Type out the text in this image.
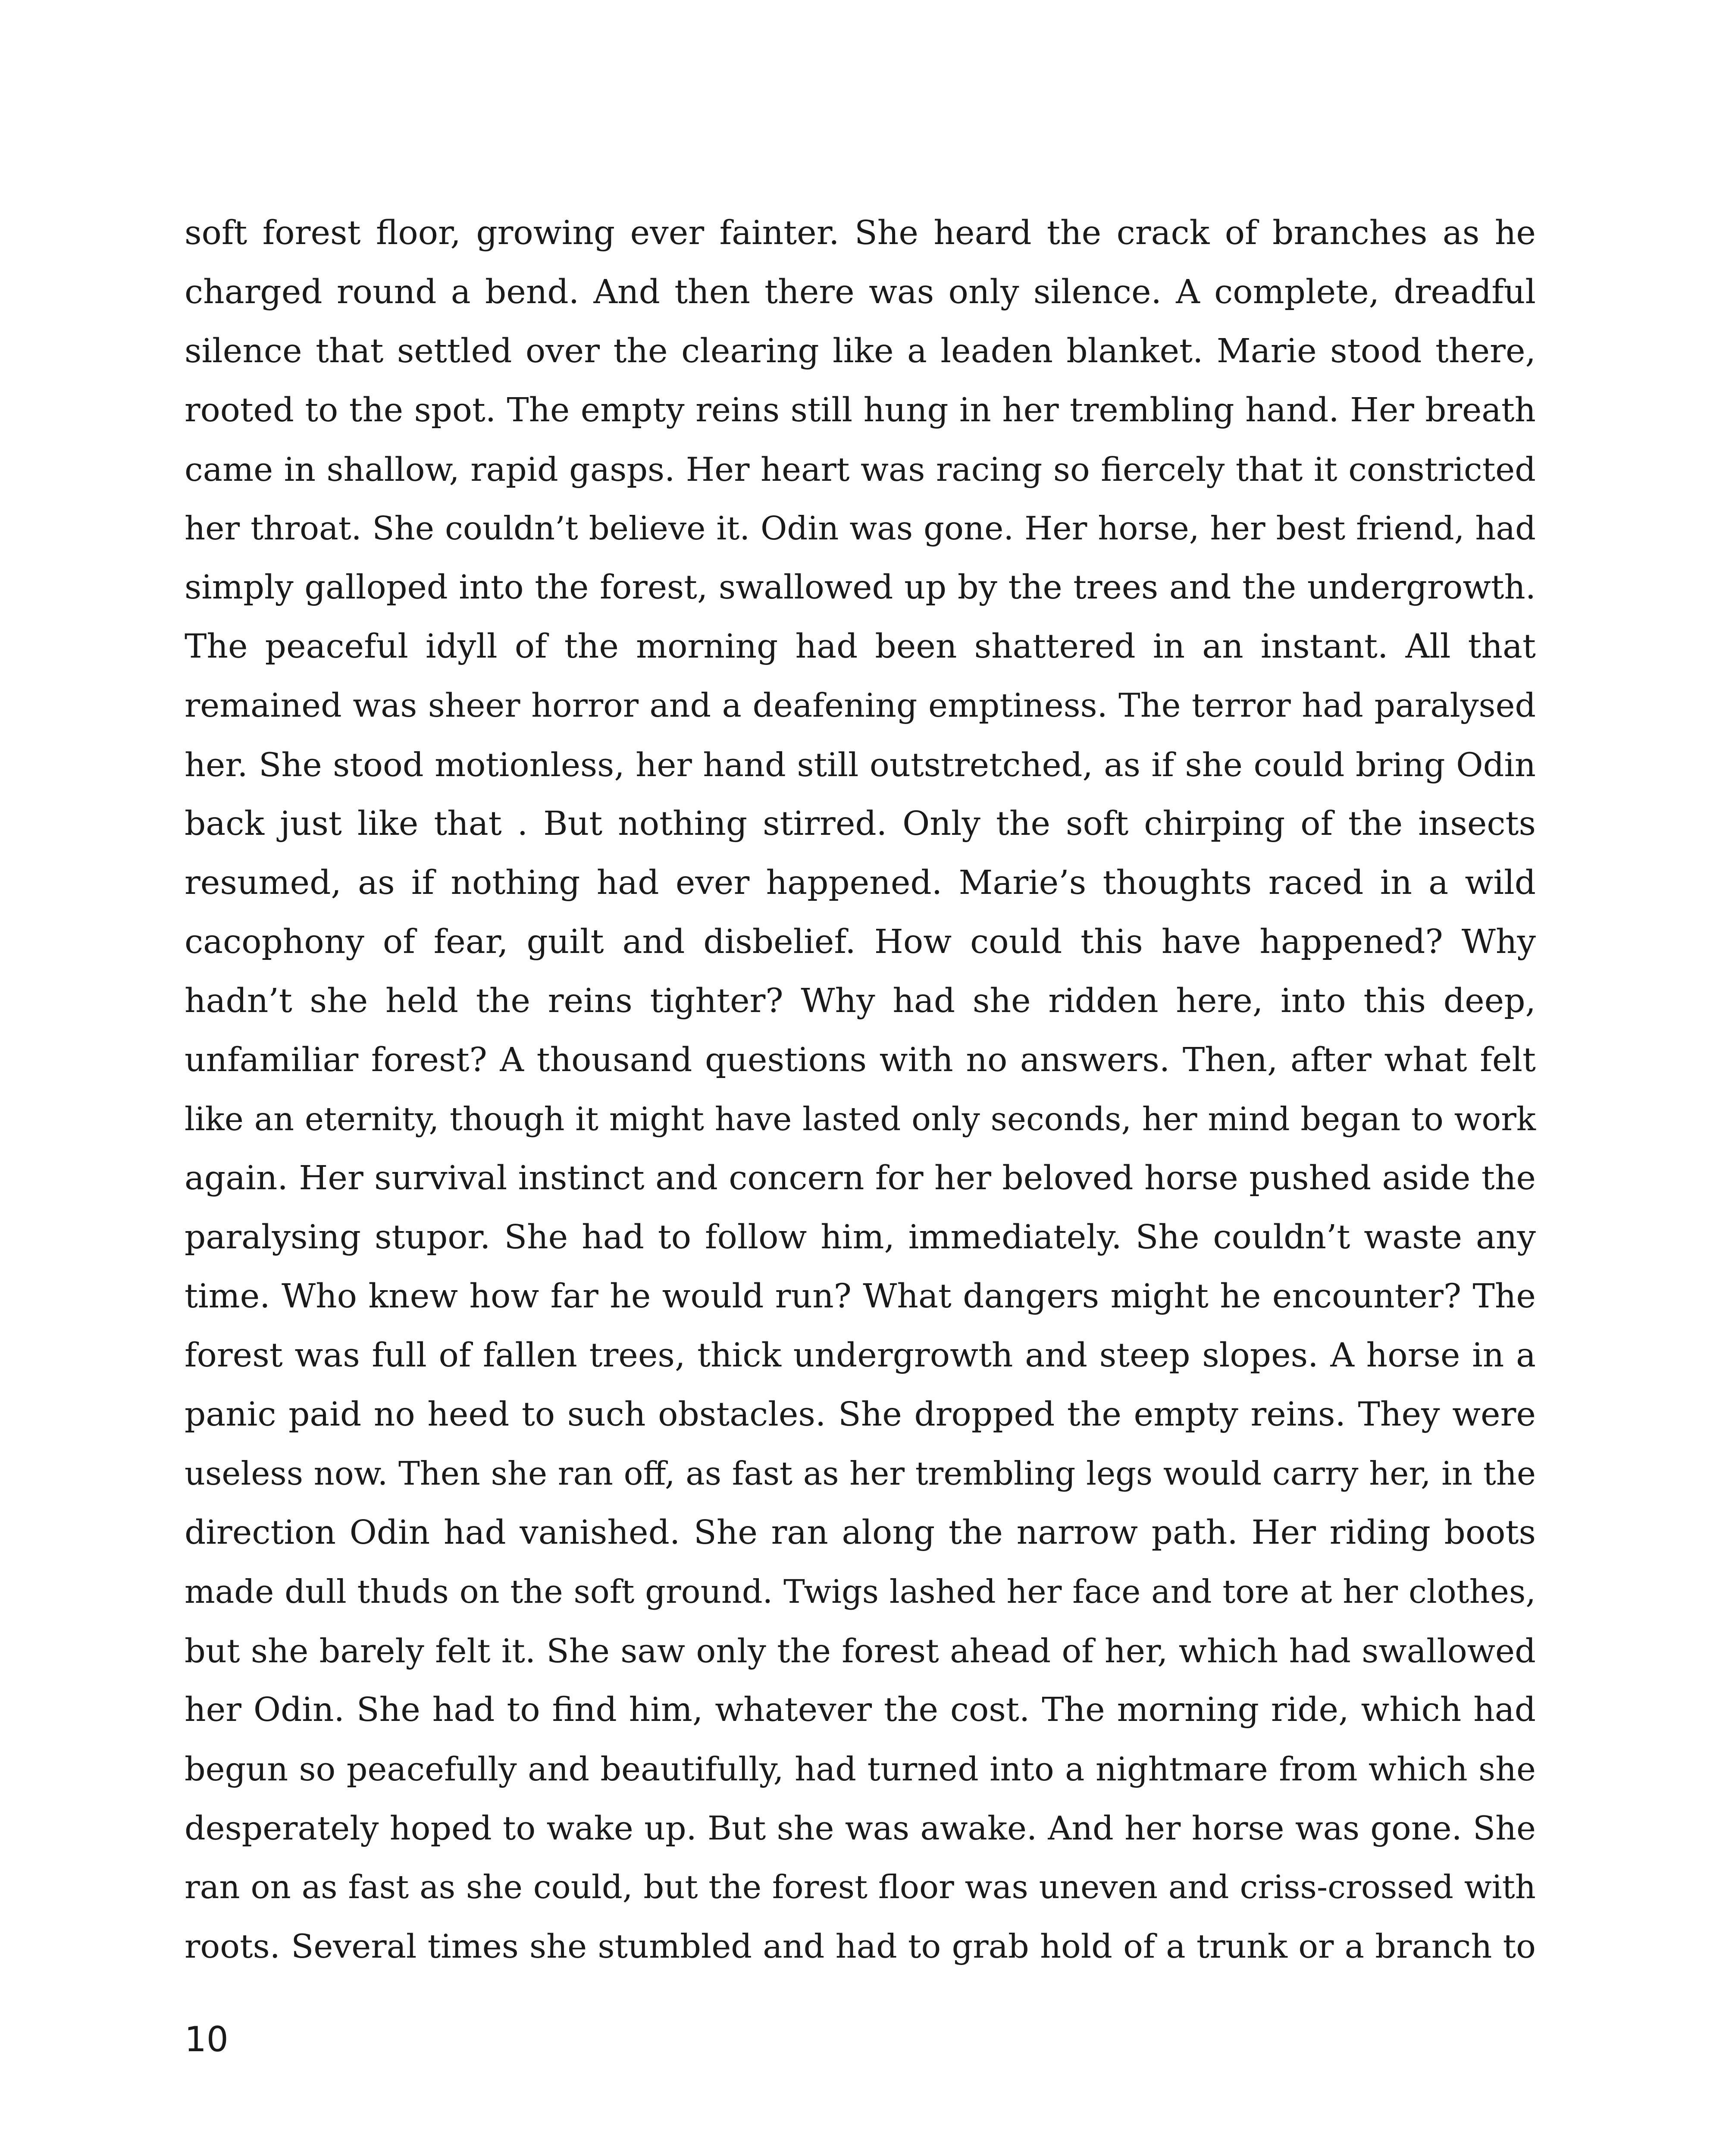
soft forest floor, growing ever fainter. She heard the crack of branches as he
charged round a bend. And then there was only silence. A complete, dreadful
silence that settled over the clearing like a leaden blanket. Marie stood there,
rooted to the spot. The empty reins still hung in her trembling hand. Her breath
came in shallow, rapid gasps. Her heart was racing so fiercely that it constricted
her throat. She couldn’t believe it. Odin was gone. Her horse, her best friend, had
simply galloped into the forest, swallowed up by the trees and the undergrowth.
The peaceful idyll of the morning had been shattered in an instant. All that
remained was sheer horror and a deafening emptiness. The terror had paralysed
her. She stood motionless, her hand still outstretched, as if she could bring Odin
back just like that . But nothing stirred. Only the soft chirping of the insects
resumed, as if nothing had ever happened. Marie’s thoughts raced in a wild
cacophony of fear, guilt and disbelief. How could this have happened? Why
hadn’t she held the reins tighter? Why had she ridden here, into this deep,
unfamiliar forest? A thousand questions with no answers. Then, after what felt
like an eternity, though it might have lasted only seconds, her mind began to work
again. Her survival instinct and concern for her beloved horse pushed aside the
paralysing stupor. She had to follow him, immediately. She couldn’t waste any
time. Who knew how far he would run? What dangers might he encounter? The
forest was full of fallen trees, thick undergrowth and steep slopes. A horse in a
panic paid no heed to such obstacles. She dropped the empty reins. They were
useless now. Then she ran off, as fast as her trembling legs would carry her, in the
direction Odin had vanished. She ran along the narrow path. Her riding boots
made dull thuds on the soft ground. Twigs lashed her face and tore at her clothes,
but she barely felt it. She saw only the forest ahead of her, which had swallowed
her Odin. She had to find him, whatever the cost. The morning ride, which had
begun so peacefully and beautifully, had turned into a nightmare from which she
desperately hoped to wake up. But she was awake. And her horse was gone. She
ran on as fast as she could, but the forest floor was uneven and criss-crossed with
roots. Several times she stumbled and had to grab hold of a trunk or a branch to
10
